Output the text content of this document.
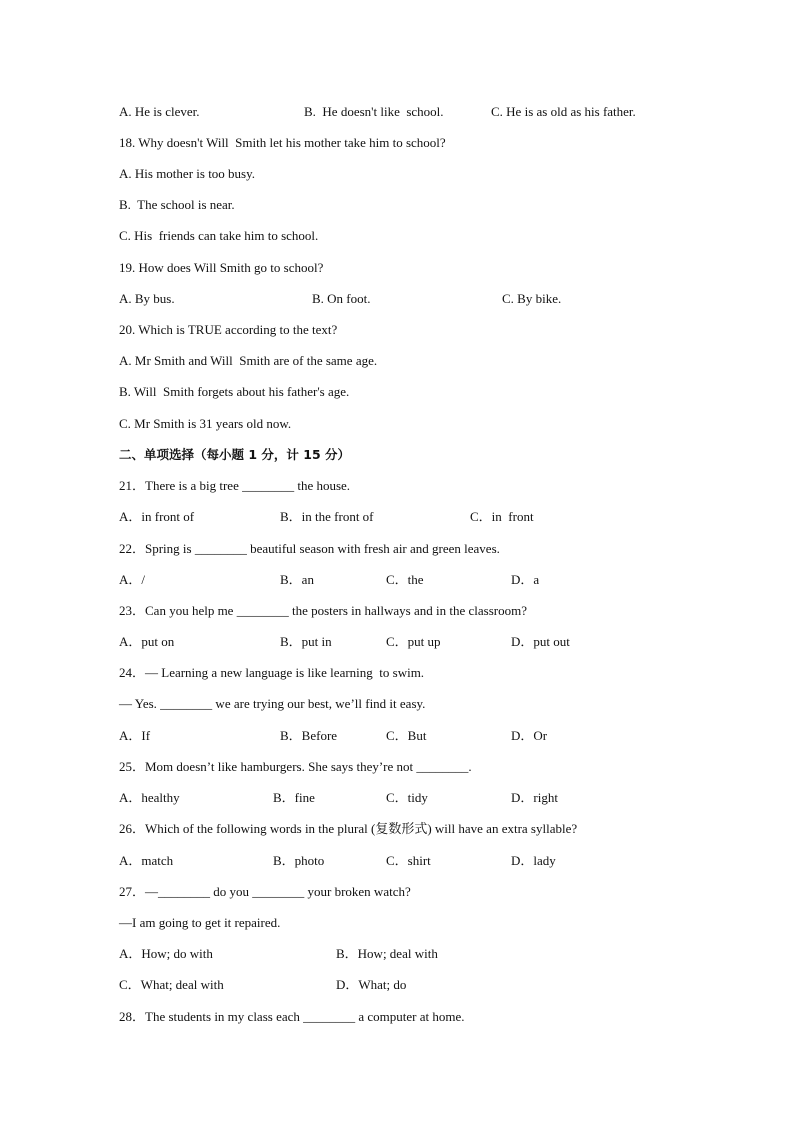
A. He is clever.	B.  He doesn't like  school.	C. He is as old as his father.
18. Why doesn't Will  Smith let his mother take him to school?
A. His mother is too busy.
B.  The school is near.
C. His  friends can take him to school.
19. How does Will Smith go to school?
A. By bus.	B. On foot.	C. By bike.
20. Which is TRUE according to the text?
A. Mr Smith and Will  Smith are of the same age.
B. Will  Smith forgets about his father's age.
C. Mr Smith is 31 years old now.
二、单项选择（每小题 1 分，计 15 分）
21．There is a big tree ________ the house.
A．in front of	B．in the front of	C．in  front
22．Spring is ________ beautiful season with fresh air and green leaves.
A．/	B．an	C．the	D．a
23．Can you help me ________ the posters in hallways and in the classroom?
A．put on	B．put in	C．put up	D．put out
24．— Learning a new language is like learning  to swim.
— Yes. ________ we are trying our best, we’ll find it easy.
A．If	B．Before	C．But	D．Or
25．Mom doesn’t like hamburgers. She says they’re not ________.
A．healthy	B．fine	C．tidy	D．right
26．Which of the following words in the plural (复数形式) will have an extra syllable?
A．match	B．photo	C．shirt	D．lady
27．—________ do you ________ your broken watch?
—I am going to get it repaired.
A．How; do with	B．How; deal with
C．What; deal with	D．What; do
28．The students in my class each ________ a computer at home.
